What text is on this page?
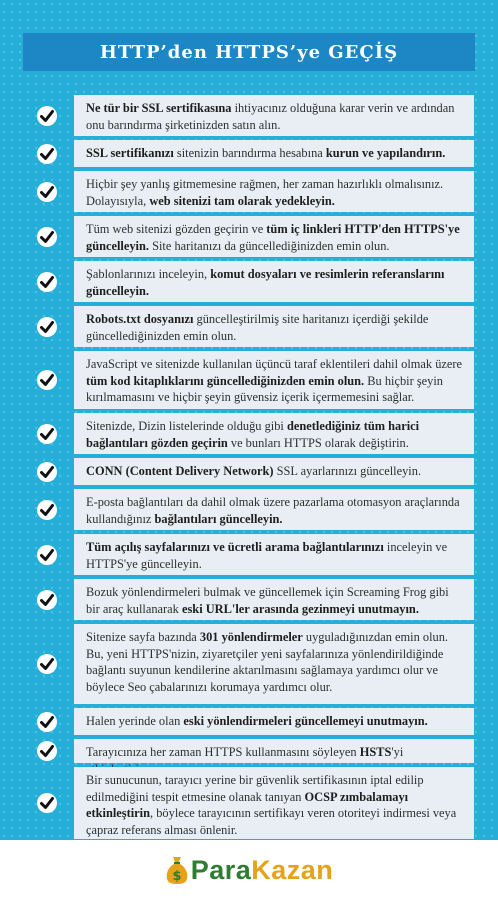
HTTP’den HTTPS’ye GEÇİŞ
Ne tür bir SSL sertifikasına ihtiyacınız olduğuna karar verin ve ardından onu barındırma şirketinizden satın alın.
SSL sertifikanızı sitenizin barındırma hesabına kurun ve yapılandırın.
Hiçbir şey yanlış gitmemesine rağmen, her zaman hazırlıklı olmalısınız. Dolayısıyla, web sitenizi tam olarak yedekleyin.
Tüm web sitenizi gözden geçirin ve tüm iç linkleri HTTP'den HTTPS'ye güncelleyin. Site haritanızı da güncellediğinizden emin olun.
Şablonlarınızı inceleyin, komut dosyaları ve resimlerin referanslarını güncelleyin.
Robots.txt dosyanızı güncelleştirilmiş site haritanızı içerdiği şekilde güncellediğinizden emin olun.
JavaScript ve sitenizde kullanılan üçüncü taraf eklentileri dahil olmak üzere tüm kod kitaplıklarını güncellediğinizden emin olun. Bu hiçbir şeyin kırılmamasını ve hiçbir şeyin güvensiz içerik içermemesini sağlar.
Sitenizde, Dizin listelerinde olduğu gibi denetlediğiniz tüm harici bağlantıları gözden geçirin ve bunları HTTPS olarak değiştirin.
CONN (Content Delivery Network) SSL ayarlarınızı güncelleyin.
E-posta bağlantıları da dahil olmak üzere pazarlama otomasyon araçlarında kullandığınız bağlantıları güncelleyin.
Tüm açılış sayfalarınızı ve ücretli arama bağlantılarınızı inceleyin ve HTTPS'ye güncelleyin.
Bozuk yönlendirmeleri bulmak ve güncellemek için Screaming Frog gibi bir araç kullanarak eski URL'ler arasında gezinmeyi unutmayın.
Sitenize sayfa bazında 301 yönlendirmeler uyguladığınızdan emin olun. Bu, yeni HTTPS'nizin, ziyaretçiler yeni sayfalarınıza yönlendirildiğinde bağlantı suyunun kendilerine aktarılmasını sağlamaya yardımcı olur ve böylece Seo çabalarınızı korumaya yardımcı olur.
Halen yerinde olan eski yönlendirmeleri güncellemeyi unutmayın.
Tarayıcınıza her zaman HTTPS kullanmasını söyleyen HSTS'yi
Bir sunucunun, tarayıcı yerine bir güvenlik sertifikasının iptal edilip edilmediğini tespit etmesine olanak tanıyan OCSP zımbalamayı etkinleştirin, böylece tarayıcının sertifikayı veren otoriteyi indirmesi veya çapraz referans alması önlenir.
$ Para Kazan
